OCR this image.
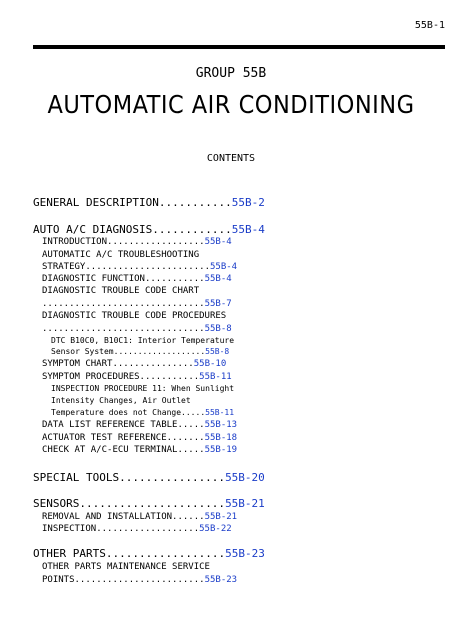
55B-1
GROUP 55B
AUTOMATIC AIR CONDITIONING
CONTENTS
GENERAL DESCRIPTION...........55B-2
AUTO A/C DIAGNOSIS............55B-4
INTRODUCTION..................55B-4
AUTOMATIC A/C TROUBLESHOOTING
STRATEGY.......................55B-4
DIAGNOSTIC FUNCTION...........55B-4
DIAGNOSTIC TROUBLE CODE CHART
..............................55B-7
DIAGNOSTIC TROUBLE CODE PROCEDURES
..............................55B-8
DTC B10C0, B10C1: Interior Temperature
Sensor System...................55B-8
SYMPTOM CHART...............55B-10
SYMPTOM PROCEDURES...........55B-11
INSPECTION PROCEDURE 11: When Sunlight
Intensity Changes, Air Outlet
Temperature does not Change.....55B-11
DATA LIST REFERENCE TABLE.....55B-13
ACTUATOR TEST REFERENCE.......55B-18
CHECK AT A/C-ECU TERMINAL.....55B-19
SPECIAL TOOLS................55B-20
SENSORS......................55B-21
REMOVAL AND INSTALLATION......55B-21
INSPECTION...................55B-22
OTHER PARTS..................55B-23
OTHER PARTS MAINTENANCE SERVICE
POINTS........................55B-23
